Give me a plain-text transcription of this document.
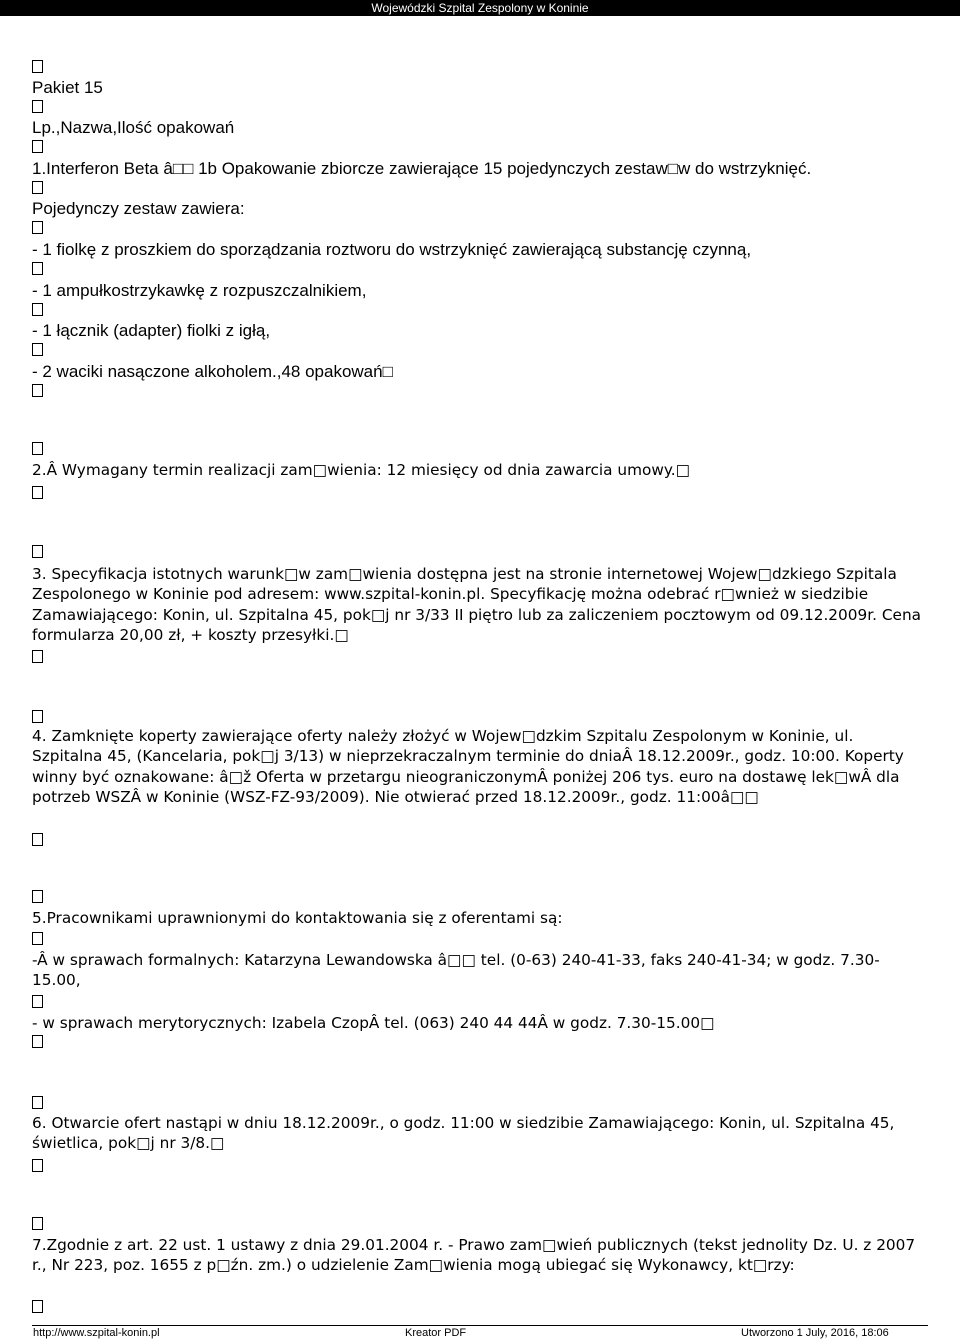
Wojewódzki Szpital Zespolony w Koninie
Pakiet 15
Lp.,Nazwa,Ilość opakowań
1.Interferon Beta â□□ 1b Opakowanie zbiorcze zawierające 15 pojedynczych zestaw□w do wstrzyknięć.
Pojedynczy zestaw zawiera:
- 1 fiolkę z proszkiem do sporządzania roztworu do wstrzyknięć zawierającą substancję czynną,
- 1 ampułkostrzykawkę z rozpuszczalnikiem,
- 1 łącznik (adapter) fiolki z igłą,
- 2 waciki nasączone alkoholem.,48 opakowań□
2.Â Wymagany termin realizacji zam□wienia: 12 miesięcy od dnia zawarcia umowy.□
3. Specyfikacja istotnych warunk□w zam□wienia dostępna jest na stronie internetowej Wojew□dzkiego Szpitala Zespolonego w Koninie pod adresem: www.szpital-konin.pl. Specyfikację można odebrać r□wnież w siedzibie Zamawiającego: Konin, ul. Szpitalna 45, pok□j nr 3/33 II piętro lub za zaliczeniem pocztowym od 09.12.2009r. Cena formularza 20,00 zł, + koszty przesyłki.□
4. Zamknięte koperty zawierające oferty należy złożyć w Wojew□dzkim Szpitalu Zespolonym w Koninie, ul. Szpitalna 45, (Kancelaria, pok□j 3/13) w nieprzekraczalnym terminie do dniaÂ 18.12.2009r., godz. 10:00. Koperty winny być oznakowane: â□ž Oferta w przetargu nieograniczonymÂ poniżej 206 tys. euro na dostawę lek□wÂ dla potrzeb WSZÂ w Koninie (WSZ-FZ-93/2009). Nie otwierać przed 18.12.2009r., godz. 11:00â□□
5.Pracownikami uprawnionymi do kontaktowania się z oferentami są:
-Â w sprawach formalnych: Katarzyna Lewandowska â□□ tel. (0-63) 240-41-33, faks 240-41-34; w godz. 7.30-15.00,
- w sprawach merytorycznych: Izabela CzopÂ tel. (063) 240 44 44Â w godz. 7.30-15.00□
6. Otwarcie ofert nastąpi w dniu 18.12.2009r., o godz. 11:00 w siedzibie Zamawiającego: Konin, ul. Szpitalna 45, świetlica, pok□j nr 3/8.□
7.Zgodnie z art. 22 ust. 1 ustawy z dnia 29.01.2004 r. - Prawo zam□wień publicznych (tekst jednolity Dz. U. z 2007 r., Nr 223, poz. 1655 z p□źn. zm.) o udzielenie Zam□wienia mogą ubiegać się Wykonawcy, kt□rzy:
http://www.szpital-konin.pl	Kreator PDF	Utworzono 1 July, 2016, 18:06
